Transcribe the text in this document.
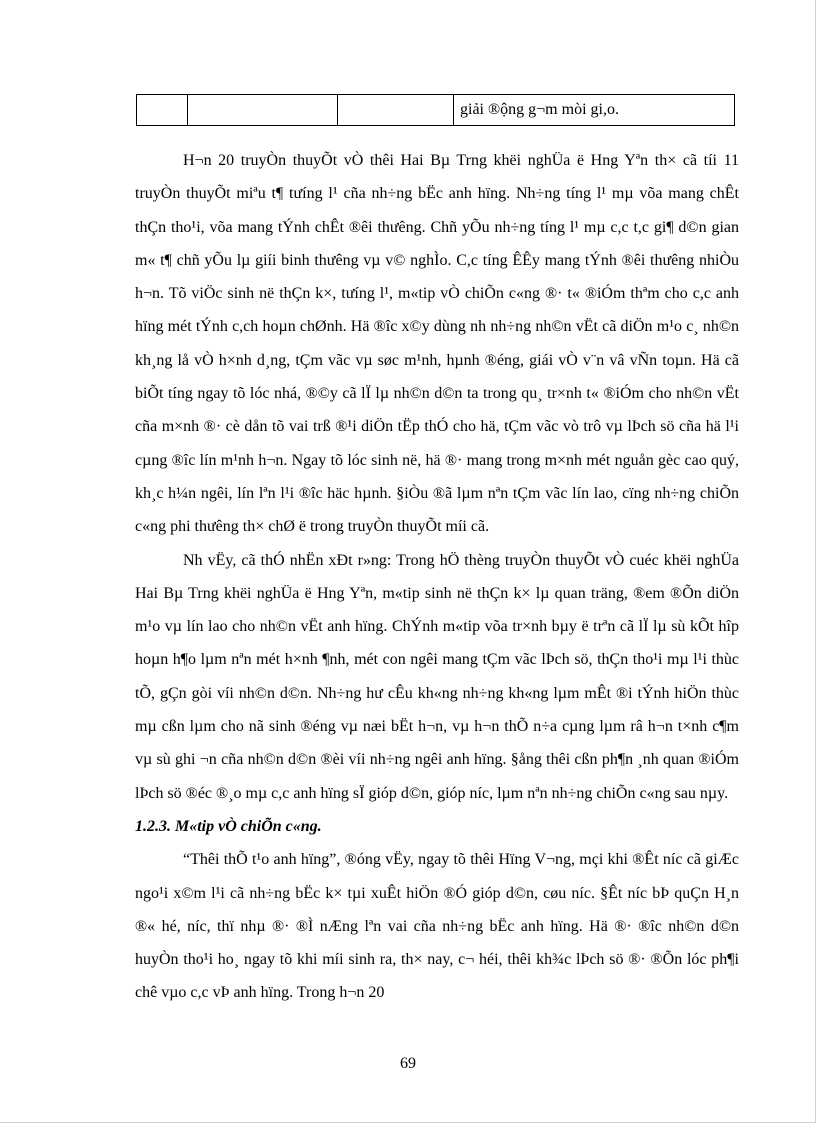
			giải ®ộng g¬m mòi gi,o.

H¬n 20 truyÒn thuyÕt vÒ thêi Hai Bµ Trng khëi nghÜa ë Hng Yªn th× cã tíi 11 truyÒn thuyÕt miªu t¶ tưíng l¹ cña nh÷ng bËc anh hïng. Nh÷ng tíng l¹ mµ võa mang chÊt thÇn tho¹i, võa mang tÝnh chÊt ®êi thưêng. Chñ yÕu nh÷ng tíng l¹ mµ c,c t,c gi¶ d©n gian m« t¶ chñ yÕu lµ giíi binh thưêng vµ v© nghÌo. C,c tíng ÊÊy mang tÝnh ®êi thưêng nhiÒu h¬n. Tõ viÖc sinh në thÇn k×, tưíng l¹, m«tip vÒ chiÕn c«ng ®· t« ®iÓm thªm cho c,c anh hïng mét tÝnh c,ch hoµn chØnh. Hä ®îc x©y dùng nh nh÷ng nh©n vËt cã diÖn m¹o c¸ nh©n kh¸ng lå vÒ h×nh d¸ng, tÇm vãc vµ søc m¹nh, hµnh ®éng, giái vÒ v¨n vâ vÑn toµn. Hä cã biÕt tíng ngay tõ lóc nhá, ®©y cã lÏ lµ nh©n d©n ta trong qu¸ tr×nh t« ®iÓm cho nh©n vËt cña m×nh ®· cè dån tõ vai trß ®¹i diÖn tËp thÓ cho hä, tÇm vãc vò trô vµ lÞch sö cña hä l¹i cµng ®îc lín m¹nh h¬n. Ngay tõ lóc sinh në, hä ®· mang trong m×nh mét nguån gèc cao quý, kh¸c h¼n ngêi, lín lªn l¹i ®îc häc hµnh. §iÒu ®ã lµm nªn tÇm vãc lín lao, cïng nh÷ng chiÕn c«ng phi thưêng th× chØ ë trong truyÒn thuyÕt míi cã.

Nh vËy, cã thÓ nhËn xÐt r»ng: Trong hÖ thèng truyÒn thuyÕt vÒ cuéc khëi nghÜa Hai Bµ Trng khëi nghÜa ë Hng Yªn, m«tip sinh në thÇn k× lµ quan träng, ®em ®Õn diÖn m¹o vµ lín lao cho nh©n vËt anh hïng. ChÝnh m«tip võa tr×nh bµy ë trªn cã lÏ lµ sù kÕt hîp hoµn h¶o lµm nªn mét h×nh ¶nh, mét con ngêi mang tÇm vãc lÞch sö, thÇn tho¹i mµ l¹i thùc tÕ, gÇn gòi víi nh©n d©n. Nh÷ng hư cÊu kh«ng nh÷ng kh«ng lµm mÊt ®i tÝnh hiÖn thùc mµ cßn lµm cho nã sinh ®éng vµ næi bËt h¬n, vµ h¬n thÕ n÷a cµng lµm râ h¬n t×nh c¶m vµ sù ghi ¬n cña nh©n d©n ®èi víi nh÷ng ngêi anh hïng. §ång thêi cßn ph¶n ¸nh quan ®iÓm lÞch sö ®éc ®¸o mµ c,c anh hïng sÏ gióp d©n, gióp níc, lµm nªn nh÷ng chiÕn c«ng sau nµy.

1.2.3. M«tip vÒ chiÕn c«ng.

“Thêi thÕ t¹o anh hïng”, ®óng vËy, ngay tõ thêi Hïng V¬ng, mçi khi ®Êt níc cã giÆc ngo¹i x©m l¹i cã nh÷ng bËc k× tµi xuÊt hiÖn ®Ó gióp d©n, cøu níc. §Êt níc bÞ quÇn H¸n ®« hé, níc, thï nhµ ®· ®Ì nÆng lªn vai cña nh÷ng bËc anh hïng. Hä ®· ®îc nh©n d©n huyÒn tho¹i ho¸ ngay tõ khi míi sinh ra, th× nay, c¬ héi, thêi kh¾c lÞch sö ®· ®Õn lóc ph¶i chê vµo c,c vÞ anh hïng. Trong h¬n 20

69
